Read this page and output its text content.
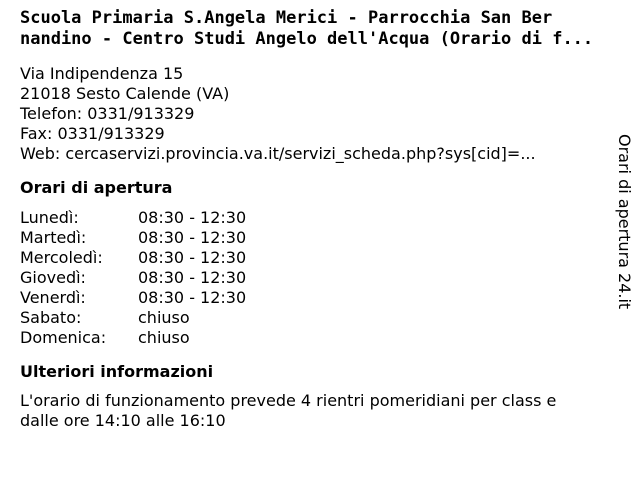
Scuola Primaria S.Angela Merici - Parrocchia San Ber
nandino - Centro Studi Angelo dell'Acqua (Orario di f...
Via Indipendenza 15
21018 Sesto Calende (VA)
Telefon: 0331/913329
Fax: 0331/913329
Web: cercaservizi.provincia.va.it/servizi_scheda.php?sys[cid]=...
Orari di apertura
Lunedì:	08:30 - 12:30
Martedì:	08:30 - 12:30
Mercoledì:	08:30 - 12:30
Giovedì:	08:30 - 12:30
Venerdì:	08:30 - 12:30
Sabato:	chiuso
Domenica:	chiuso
Ulteriori informazioni
L'orario di funzionamento prevede 4 rientri pomeridiani per class e dalle ore 14:10 alle 16:10
Orari di apertura 24.it
